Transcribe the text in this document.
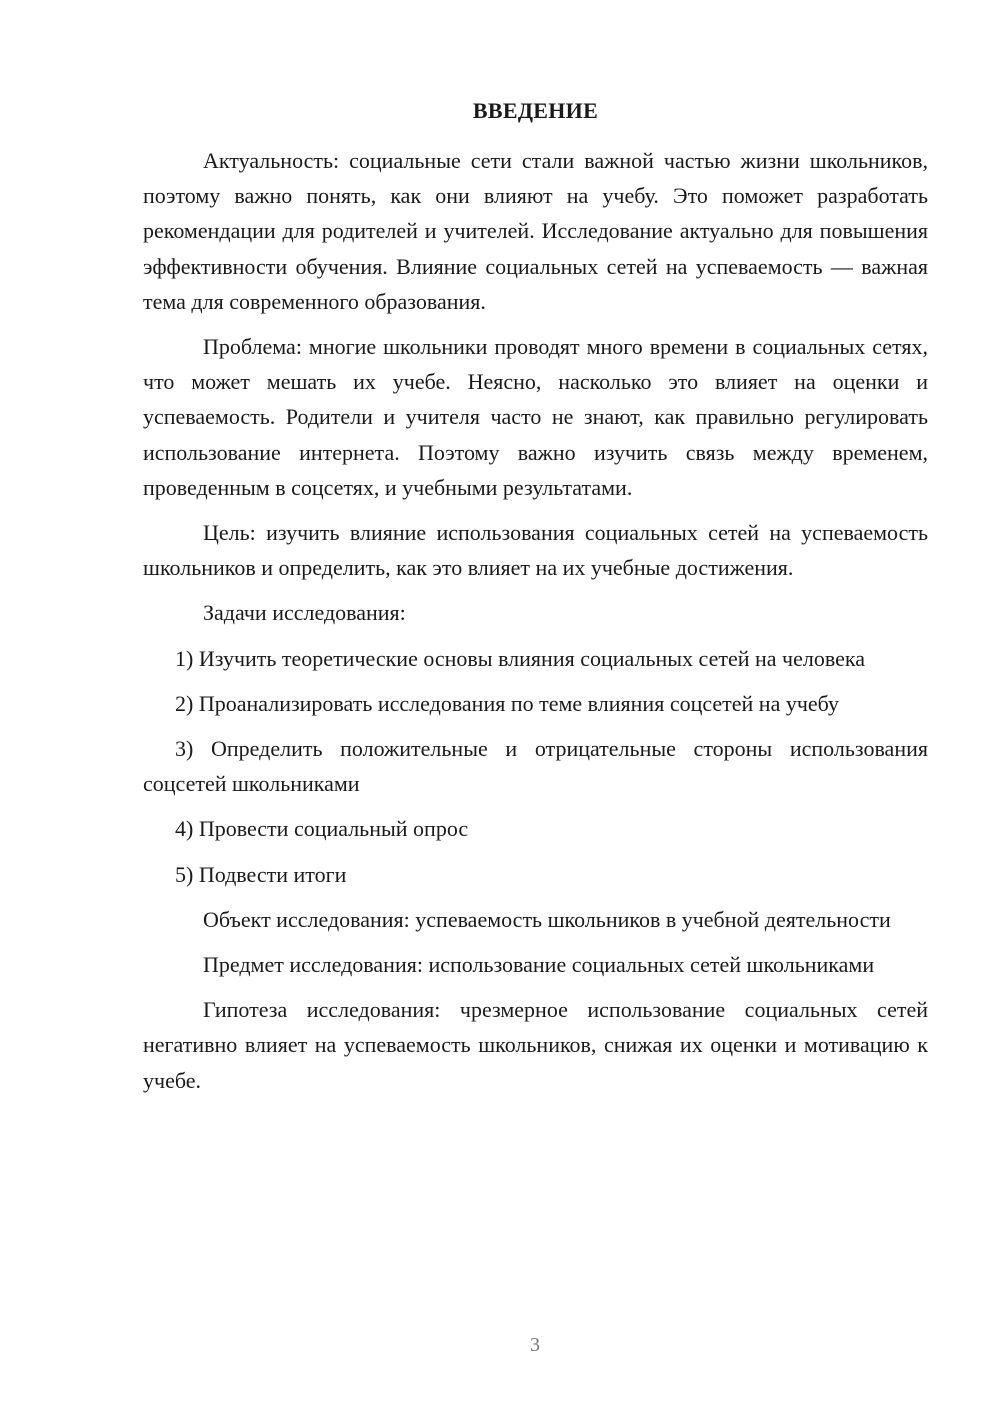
ВВЕДЕНИЕ

Актуальность: социальные сети стали важной частью жизни школьников, поэтому важно понять, как они влияют на учебу. Это поможет разработать рекомендации для родителей и учителей. Исследование актуально для повышения эффективности обучения. Влияние социальных сетей на успеваемость — важная тема для современного образования.

Проблема: многие школьники проводят много времени в социальных сетях, что может мешать их учебе. Неясно, насколько это влияет на оценки и успеваемость. Родители и учителя часто не знают, как правильно регулировать использование интернета. Поэтому важно изучить связь между временем, проведенным в соцсетях, и учебными результатами.

Цель: изучить влияние использования социальных сетей на успеваемость школьников и определить, как это влияет на их учебные достижения.

Задачи исследования:

1) Изучить теоретические основы влияния социальных сетей на человека

2) Проанализировать исследования по теме влияния соцсетей на учебу

3) Определить положительные и отрицательные стороны использования соцсетей школьниками

4) Провести социальный опрос

5) Подвести итоги

Объект исследования: успеваемость школьников в учебной деятельности

Предмет исследования: использование социальных сетей школьниками

Гипотеза исследования: чрезмерное использование социальных сетей негативно влияет на успеваемость школьников, снижая их оценки и мотивацию к учебе.

3
